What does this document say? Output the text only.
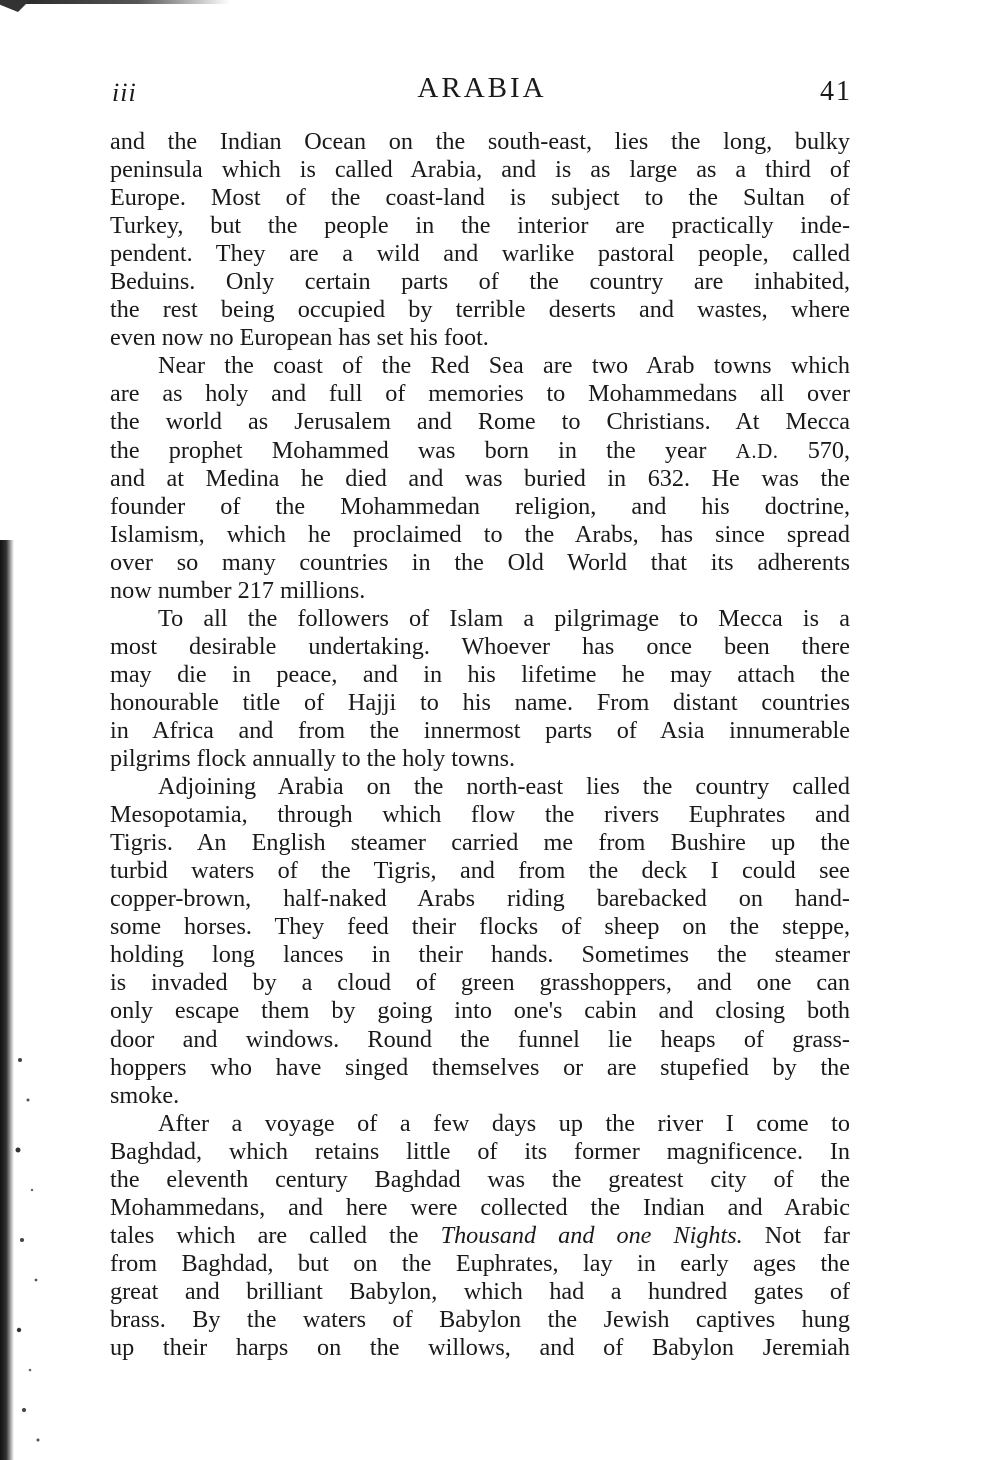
iii	ARABIA	41
and the Indian Ocean on the south-east, lies the long, bulky
peninsula which is called Arabia, and is as large as a third of
Europe. Most of the coast-land is subject to the Sultan of
Turkey, but the people in the interior are practically inde-
pendent. They are a wild and warlike pastoral people, called
Beduins. Only certain parts of the country are inhabited,
the rest being occupied by terrible deserts and wastes, where
even now no European has set his foot.
Near the coast of the Red Sea are two Arab towns which
are as holy and full of memories to Mohammedans all over
the world as Jerusalem and Rome to Christians. At Mecca
the prophet Mohammed was born in the year A.D. 570,
and at Medina he died and was buried in 632. He was the
founder of the Mohammedan religion, and his doctrine,
Islamism, which he proclaimed to the Arabs, has since spread
over so many countries in the Old World that its adherents
now number 217 millions.
To all the followers of Islam a pilgrimage to Mecca is a
most desirable undertaking. Whoever has once been there
may die in peace, and in his lifetime he may attach the
honourable title of Hajji to his name. From distant countries
in Africa and from the innermost parts of Asia innumerable
pilgrims flock annually to the holy towns.
Adjoining Arabia on the north-east lies the country called
Mesopotamia, through which flow the rivers Euphrates and
Tigris. An English steamer carried me from Bushire up the
turbid waters of the Tigris, and from the deck I could see
copper-brown, half-naked Arabs riding barebacked on hand-
some horses. They feed their flocks of sheep on the steppe,
holding long lances in their hands. Sometimes the steamer
is invaded by a cloud of green grasshoppers, and one can
only escape them by going into one's cabin and closing both
door and windows. Round the funnel lie heaps of grass-
hoppers who have singed themselves or are stupefied by the
smoke.
After a voyage of a few days up the river I come to
Baghdad, which retains little of its former magnificence. In
the eleventh century Baghdad was the greatest city of the
Mohammedans, and here were collected the Indian and Arabic
tales which are called the Thousand and one Nights. Not far
from Baghdad, but on the Euphrates, lay in early ages the
great and brilliant Babylon, which had a hundred gates of
brass. By the waters of Babylon the Jewish captives hung
up their harps on the willows, and of Babylon Jeremiah
